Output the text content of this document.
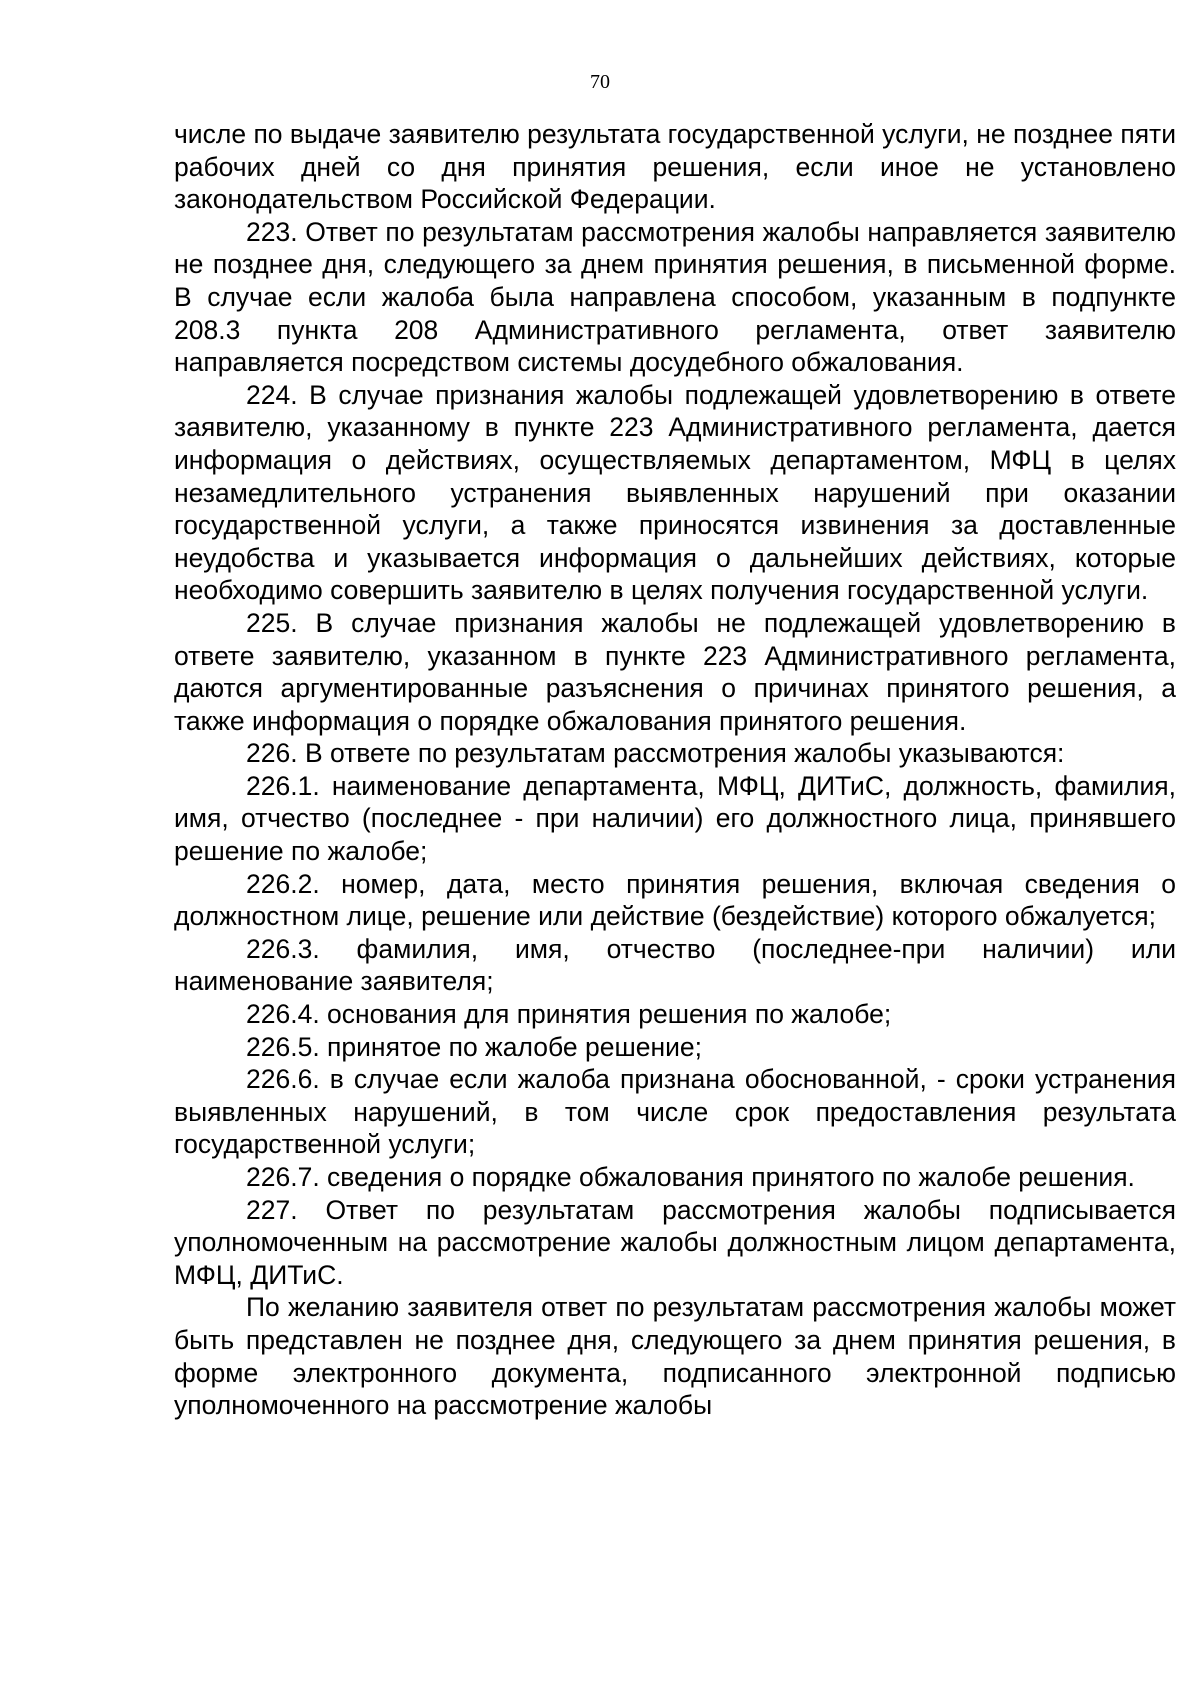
70

числе по выдаче заявителю результата государственной услуги, не позднее пяти рабочих дней со дня принятия решения, если иное не установлено законодательством Российской Федерации.

223. Ответ по результатам рассмотрения жалобы направляется заявителю не позднее дня, следующего за днем принятия решения, в письменной форме. В случае если жалоба была направлена способом, указанным в подпункте 208.3 пункта 208 Административного регламента, ответ заявителю направляется посредством системы досудебного обжалования.

224. В случае признания жалобы подлежащей удовлетворению в ответе заявителю, указанному в пункте 223 Административного регламента, дается информация о действиях, осуществляемых департаментом, МФЦ в целях незамедлительного устранения выявленных нарушений при оказании государственной услуги, а также приносятся извинения за доставленные неудобства и указывается информация о дальнейших действиях, которые необходимо совершить заявителю в целях получения государственной услуги.

225. В случае признания жалобы не подлежащей удовлетворению в ответе заявителю, указанном в пункте 223 Административного регламента, даются аргументированные разъяснения о причинах принятого решения, а также информация о порядке обжалования принятого решения.

226. В ответе по результатам рассмотрения жалобы указываются:

226.1. наименование департамента, МФЦ, ДИТиС, должность, фамилия, имя, отчество (последнее - при наличии) его должностного лица, принявшего решение по жалобе;

226.2. номер, дата, место принятия решения, включая сведения о должностном лице, решение или действие (бездействие) которого обжалуется;

226.3. фамилия, имя, отчество (последнее-при наличии) или наименование заявителя;

226.4. основания для принятия решения по жалобе;

226.5. принятое по жалобе решение;

226.6. в случае если жалоба признана обоснованной, - сроки устранения выявленных нарушений, в том числе срок предоставления результата государственной услуги;

226.7. сведения о порядке обжалования принятого по жалобе решения.

227. Ответ по результатам рассмотрения жалобы подписывается уполномоченным на рассмотрение жалобы должностным лицом департамента, МФЦ, ДИТиС.

По желанию заявителя ответ по результатам рассмотрения жалобы может быть представлен не позднее дня, следующего за днем принятия решения, в форме электронного документа, подписанного электронной подписью уполномоченного на рассмотрение жалобы
